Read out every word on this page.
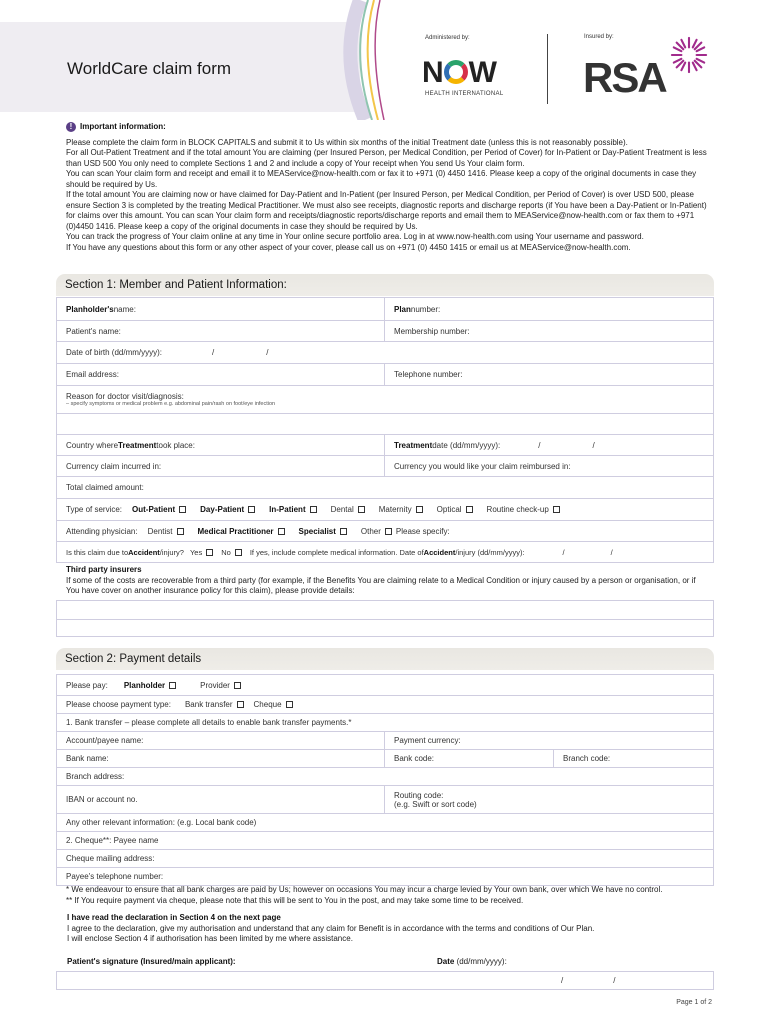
WorldCare claim form
Administered by:
N W
HEALTH INTERNATIONAL
Insured by:
RSA
! Important information:

Please complete the claim form in BLOCK CAPITALS and submit it to Us within six months of the initial Treatment date (unless this is not reasonably possible).

For all Out-Patient Treatment and if the total amount You are claiming (per Insured Person, per Medical Condition, per Period of Cover) for In-Patient or Day-Patient Treatment is less than USD 500 You only need to complete Sections 1 and 2 and include a copy of Your receipt when You send Us Your claim form.

You can scan Your claim form and receipt and email it to MEAService@now-health.com or fax it to +971 (0) 4450 1416. Please keep a copy of the original documents in case they should be required by Us.

If the total amount You are claiming now or have claimed for Day-Patient and In-Patient (per Insured Person, per Medical Condition, per Period of Cover) is over USD 500, please ensure Section 3 is completed by the treating Medical Practitioner. We must also see receipts, diagnostic reports and discharge reports (if You have been a Day-Patient or In-Patient) for claims over this amount. You can scan Your claim form and receipts/diagnostic reports/discharge reports and email them to MEAService@now-health.com or fax them to +971 (0)4450 1416. Please keep a copy of the original documents in case they should be required by Us.

You can track the progress of Your claim online at any time in Your online secure portfolio area. Log in at www.now-health.com using Your username and password.

If You have any questions about this form or any other aspect of your cover, please call us on +971 (0) 4450 1415 or email us at MEAService@now-health.com.

Section 1: Member and Patient Information:
Planholder's name:	Plan number:
Patient's name:	Membership number:
Date of birth (dd/mm/yyyy):	/	/
Email address:	Telephone number:
Reason for doctor visit/diagnosis:
– specify symptoms or medical problem e.g. abdominal pain/rash on foot/eye infection
Country where Treatment took place:	Treatment date (dd/mm/yyyy):	/	/
Currency claim incurred in:	Currency you would like your claim reimbursed in:
Total claimed amount:
Type of service: Out-Patient	Day-Patient	In-Patient	Dental	Maternity	Optical	Routine check-up
Attending physician: Dentist	Medical Practitioner	Specialist	Other	Please specify:
Is this claim due to Accident /injury? Yes	No	If yes, include complete medical information. Date of Accident /injury (dd/mm/yyyy):	/	/
Third party insurers
If some of the costs are recoverable from a third party (for example, if the Benefits You are claiming relate to a Medical Condition or injury caused by a person or organisation, or if You have cover on another insurance policy for this claim), please provide details:
Section 2: Payment details
Please pay: Planholder	Provider
Please choose payment type: Bank transfer	Cheque
1. Bank transfer – please complete all details to enable bank transfer payments.*
Account/payee name:	Payment currency:
Bank name:	Bank code:	Branch code:
Branch address:
IBAN or account no.	Routing code:
(e.g. Swift or sort code)
Any other relevant information: (e.g. Local bank code)
2. Cheque**: Payee name
Cheque mailing address:
Payee's telephone number:
* We endeavour to ensure that all bank charges are paid by Us; however on occasions You may incur a charge levied by Your own bank, over which We have no control.
** If You require payment via cheque, please note that this will be sent to You in the post, and may take some time to be received.
I have read the declaration in Section 4 on the next page
I agree to the declaration, give my authorisation and understand that any claim for Benefit is in accordance with the terms and conditions of Our Plan.
I will enclose Section 4 if authorisation has been limited by me where assistance.
Patient's signature (Insured/main applicant):	Date (dd/mm/yyyy):
/	/
Page 1 of 2
